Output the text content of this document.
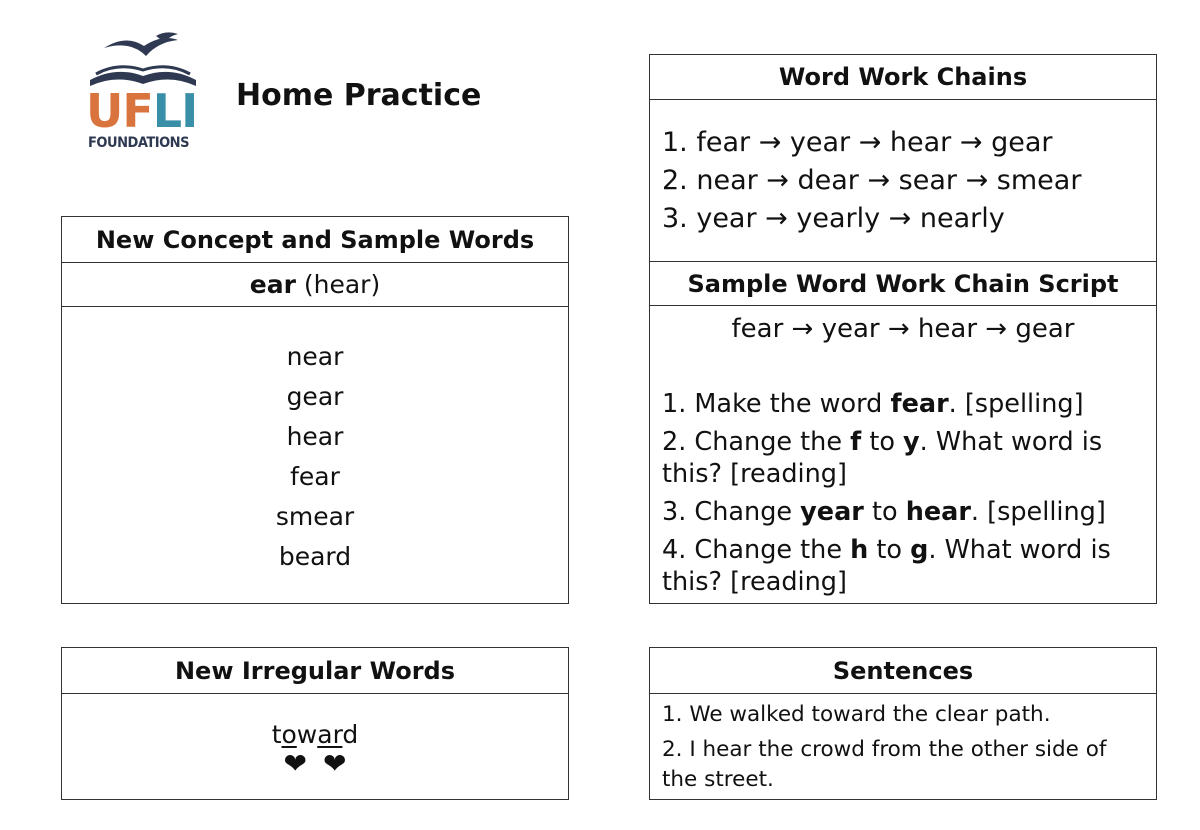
UFLI
FOUNDATIONS
Home Practice
New Concept and Sample Words
ear (hear)
near
gear
hear
fear
smear
beard
New Irregular Words
toward
❤❤
Word Work Chains
1. fear → year → hear → gear
2. near → dear → sear → smear
3. year → yearly → nearly
Sample Word Work Chain Script
fear → year → hear → gear
1. Make the word fear. [spelling]
2. Change the f to y. What word is this? [reading]
3. Change year to hear. [spelling]
4. Change the h to g. What word is this? [reading]
Sentences
1. We walked toward the clear path.
2. I hear the crowd from the other side of the street.
